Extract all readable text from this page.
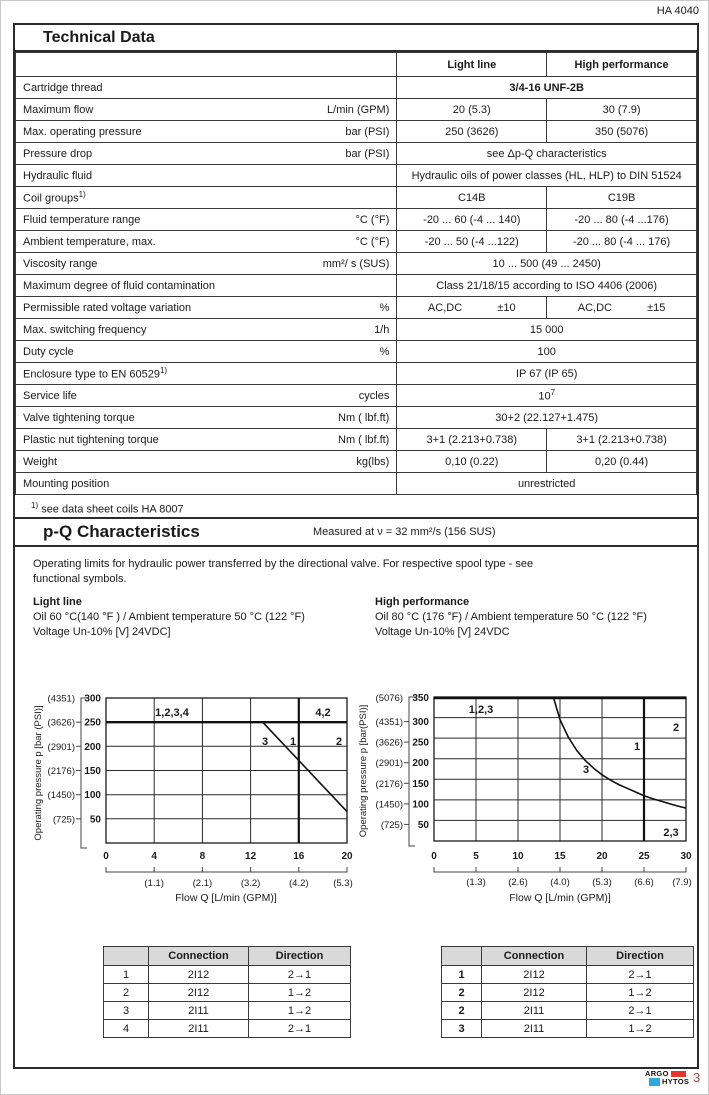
HA 4040
Technical Data
	Light line	High performance

Cartridge thread	3/4-16 UNF-2B	

Maximum flow L/min (GPM)	20 (5.3)	30 (7.9)

Max. operating pressure bar (PSI)	250 (3626)	350 (5076)

Pressure drop bar (PSI)	see Δp-Q characteristics	

Hydraulic fluid	Hydraulic oils of power classes (HL, HLP) to DIN 51524	

Coil groups$^{1)}$	C14B	C19B

Fluid temperature range °C (°F)	-20 ... 60 (-4 ... 140)	-20 ... 80 (-4 ...176)

Ambient temperature, max. °C (°F)	-20 ... 50 (-4 ...122)	-20 ... 80 (-4 ... 176)

Viscosity range mm²/ s (SUS)	10 ... 500 (49 ... 2450)	

Maximum degree of fluid contamination	Class 21/18/15 according to ISO 4406 (2006)	

Permissible rated voltage variation %	AC,DC ±10	AC,DC ±15

Max. switching frequency 1/h	15 000	

Duty cycle %	100	

Enclosure type to EN 60529$^{1)}$	IP 67 (IP 65)	

Service life cycles	$10^7$

Valve tightening torque Nm ( lbf.ft)	30+2 (22.127+1.475)	

Plastic nut tightening torque Nm ( lbf.ft)	3+1 (2.213+0.738)	3+1 (2.213+0.738)

Weight kg(lbs)	0,10 (0.22)	0,20 (0.44)

Mounting position	unrestricted	
$^{1)}$ see data sheet coils HA 8007
p-Q Characteristics	Measured at ν = 32 mm²/s (156 SUS)
Operating limits for hydraulic power transferred by the directional valve. For respective spool type - see
functional symbols.
Light line
Oil 60 °C(140 °F ) / Ambient temperature 50 °C (122 °F)
Voltage Un-10% [V] 24VDC]
High performance
Oil 80 °C (176 °F) / Ambient temperature 50 °C (122 °F)
Voltage Un-10% [V] 24VDC
300
250
200
150
100
50
(4351)
(3626)
(2901)
(2176)
(1450)
(725)
0	4	8	12	16	20
(1.1)	(2.1)	(3.2)	(4.2)	(5.3)
1,2,3,4	4,2
3 1	2
Flow Q [L/min (GPM)]
Operating pressure p [bar (PSI)]
350
300
250
200
150
100
50
(5076)
(4351)
(3626)
(2901)
(2176)
(1450)
(725)
0	5	10	15	20	25	30
(1.3) (2.6) (4.0) (5.3) (6.6) (7.9)
1,2,3
2
1
3
2,3
Flow Q [L/min (GPM)]
Operating pressure p [bar(PSI)]
	Connection	Direction
1	2I12	2→1
2	2I12	1→2
3	2I11	1→2
4	2I11	2→1
	Connection	Direction
1	2I12	2→1
2	2I12	1→2
2	2I11	2→1
3	2I11	1→2
ARGO
HYTOS 3
